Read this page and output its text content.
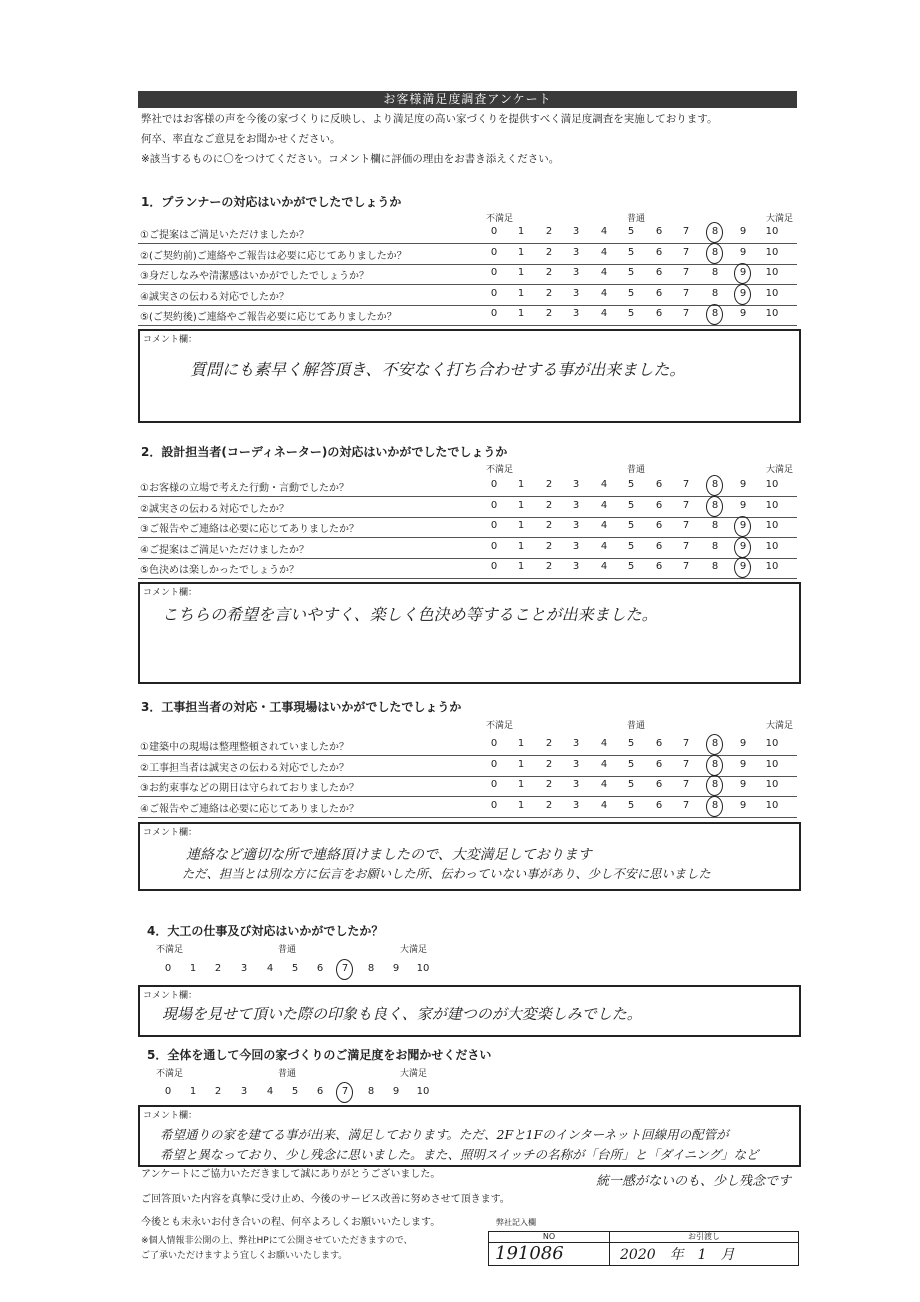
お客様満足度調査アンケート
弊社ではお客様の声を今後の家づくりに反映し、より満足度の高い家づくりを提供すべく満足度調査を実施しております。
何卒、率直なご意見をお聞かせください。
※該当するものに〇をつけてください。コメント欄に評価の理由をお書き添えください。
1．プランナーの対応はいかがでしたでしょうか
不満足	普通	大満足
①ご提案はご満足いただけましたか？	0	1	2	3	4	5	6	7	8	9	10
②(ご契約前)ご連絡やご報告は必要に応じてありましたか？	0	1	2	3	4	5	6	7	8	9	10
③身だしなみや清潔感はいかがでしたでしょうか？	0	1	2	3	4	5	6	7	8	9	10
④誠実さの伝わる対応でしたか？	0	1	2	3	4	5	6	7	8	9	10
⑤(ご契約後)ご連絡やご報告必要に応じてありましたか？	0	1	2	3	4	5	6	7	8	9	10
コメント欄：
質問にも素早く解答頂き、不安なく打ち合わせする事が出来ました。
2．設計担当者(コーディネーター)の対応はいかがでしたでしょうか
不満足	普通	大満足
①お客様の立場で考えた行動・言動でしたか？	0	1	2	3	4	5	6	7	8	9	10
②誠実さの伝わる対応でしたか？	0	1	2	3	4	5	6	7	8	9	10
③ご報告やご連絡は必要に応じてありましたか？	0	1	2	3	4	5	6	7	8	9	10
④ご提案はご満足いただけましたか？	0	1	2	3	4	5	6	7	8	9	10
⑤色決めは楽しかったでしょうか？	0	1	2	3	4	5	6	7	8	9	10
コメント欄：
こちらの希望を言いやすく、楽しく色決め等することが出来ました。
3．工事担当者の対応・工事現場はいかがでしたでしょうか
不満足	普通	大満足
①建築中の現場は整理整頓されていましたか？	0	1	2	3	4	5	6	7	8	9	10
②工事担当者は誠実さの伝わる対応でしたか？	0	1	2	3	4	5	6	7	8	9	10
③お約束事などの期日は守られておりましたか？	0	1	2	3	4	5	6	7	8	9	10
④ご報告やご連絡は必要に応じてありましたか？	0	1	2	3	4	5	6	7	8	9	10
コメント欄：
連絡など適切な所で連絡頂けましたので、大変満足しております
ただ、担当とは別な方に伝言をお願いした所、伝わっていない事があり、少し不安に思いました
4．大工の仕事及び対応はいかがでしたか？
不満足	普通	大満足
0	1	2	3	4	5	6	7	8	9	10
コメント欄：
現場を見せて頂いた際の印象も良く、家が建つのが大変楽しみでした。
5．全体を通して今回の家づくりのご満足度をお聞かせください
不満足	普通	大満足
0	1	2	3	4	5	6	7	8	9	10
コメント欄：
希望通りの家を建てる事が出来、満足しております。ただ、2Fと1Fのインターネット回線用の配管が
希望と異なっており、少し残念に思いました。また、照明スイッチの名称が「台所」と「ダイニング」など
統一感がないのも、少し残念です
アンケートにご協力いただきまして誠にありがとうございました。
ご回答頂いた内容を真摯に受け止め、今後のサービス改善に努めさせて頂きます。
今後とも末永いお付き合いの程、何卒よろしくお願いいたします。
※個人情報非公開の上、弊社HPにて公開させていただきますので、
ご了承いただけますよう宜しくお願いいたします。
弊社記入欄
NO
191086
お引渡し
2020　年　1　月
